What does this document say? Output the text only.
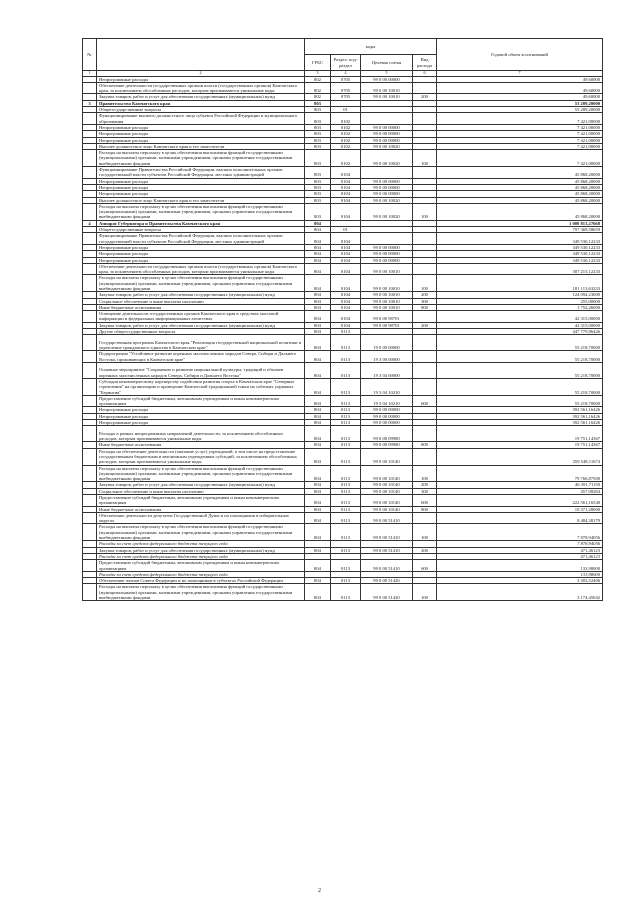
№		коды				Годовой объем ассигнований
		ГРБС	Раздел, под-раздел	Целевая статья	Вид расхода	
1	2	3	4	5	6	7
	Непрограммные расходы	802	0705	99 0 00 00000		49,60000
	Обеспечение деятельности государственных органов власти (государственных органов) Камчатского края, за исключением обособленных расходов, которым присваиваются уникальные коды	802	0705	99 0 00 10010		49,60000
	Закупка товаров, работ и услуг для обеспечения государственных (муниципальных) нужд	802	0705	99 0 00 10010	200	49,60000
3	Правительство Камчатского края	803				53 289,20000
	Общегосударственные вопросы	803	01			53 289,20000
	Функционирование высшего должностного лица субъекта Российской Федерации и муниципального образования	803	0102			7 421,00000
	Непрограммные расходы	803	0102	99 0 00 00000		7 421,00000
	Непрограммные расходы	803	0102	99 0 00 00000		7 421,00000
	Непрограммные расходы	803	0102	99 0 00 00000		7 421,00000
	Высшее должностное лицо Камчатского края и его заместители	803	0102	99 0 00 10020		7 421,00000
	Расходы на выплаты персоналу в целях обеспечения выполнения функций государственными (муниципальными) органами, казенными учреждениями, органами управления государственными внебюджетными фондами	803	0102	99 0 00 10020	100	7 421,00000
	Функционирование Правительства Российской Федерации, высших исполнительных органов государственной власти субъектов Российской Федерации, местных администраций	803	0104			45 868,20000
	Непрограммные расходы	803	0104	99 0 00 00000		45 868,20000
	Непрограммные расходы	803	0104	99 0 00 00000		45 868,20000
	Непрограммные расходы	803	0104	99 0 00 00000		45 868,20000
	Высшее должностное лицо Камчатского края и его заместители	803	0104	99 0 00 10020		45 868,20000
	Расходы на выплаты персоналу в целях обеспечения выполнения функций государственными (муниципальными) органами, казенными учреждениями, органами управления государственными внебюджетными фондами	803	0104	99 0 00 10020	100	45 868,20000
4	Аппарат Губернатора и Правительства Камчатского края	804				1 008 813,27668
	Общегосударственные вопросы	804	01			797 369,58659
	Функционирование Правительства Российской Федерации, высших исполнительных органов государственной власти субъектов Российской Федерации, местных администраций	804	0104			349 530,12233
	Непрограммные расходы	804	0104	99 0 00 00000		349 530,12233
	Непрограммные расходы	804	0104	99 0 00 00000		349 530,12233
	Непрограммные расходы	804	0104	99 0 00 00000		349 530,12233
	Обеспечение деятельности государственных органов власти (государственных органов) Камчатского края, за исключением обособленных расходов, которым присваиваются уникальные коды	804	0104	99 0 00 10010		307 215,12233
	Расходы на выплаты персоналу в целях обеспечения выполнения функций государственными (муниципальными) органами, казенными учреждениями, органами управления государственными внебюджетными фондами	804	0104	99 0 00 10010	100	181 113,63233
	Закупка товаров, работ и услуг для обеспечения государственных (муниципальных) нужд	804	0104	99 0 00 10010	200	124 094,23000
	Социальное обеспечение и иные выплаты населению	804	0104	99 0 00 10010	300	255,00000
	Иные бюджетные ассигнования	804	0104	99 0 00 10010	800	1 752,26000
	Освещение деятельности государственных органов Камчатского края в средствах массовой информации и федеральных информационных агентствах	804	0104	99 0 00 98701		42 315,00000
	Закупка товаров, работ и услуг для обеспечения государственных (муниципальных) нужд	804	0104	99 0 00 98701	200	42 315,00000
	Другие общегосударственные вопросы	804	0113			447 779,86426
	Государственная программа Камчатского края "Реализация государственной национальной политики и укрепление гражданского единства в Камчатском крае"	804	0113	19 0 00 00000		55 218,70000
	Подпрограмма "Устойчивое развитие коренных малочисленных народов Севера, Сибири и Дальнего Востока, проживающих в Камчатском крае"	804	0113	19 3 00 00000		55 218,70000
	Основное мероприятие "Сохранение и развитие национальной культуры, традиций и обычаев коренных малочисленных народов Севера, Сибири и Дальнего Востока"	804	0113	19 3 04 00000		55 218,70000
	Субсидия некоммерческому партнерству содействия развития спорта в Камчатском крае "Северные стремления" на организацию и проведение Камчатской традиционной гонки на собачьих упряжках "Берингия"	804	0113	19 3 04 10210		55 218,70000
	Предоставление субсидий бюджетным, автономным учреждениям и иным некоммерческим организациям	804	0113	19 3 04 10210	600	55 218,70000
	Непрограммные расходы	804	0113	99 0 00 00000		392 561,16426
	Непрограммные расходы	804	0113	99 0 00 00000		392 561,16426
	Непрограммные расходы	804	0113	99 0 00 00000		392 561,16426
	Расходы в рамках непрограммных направлений деятельности, за исключением обособленных расходов, которым присваиваются уникальные коды	804	0113	99 0 00 09980		19 751,14367
	Иные бюджетные ассигнования	804	0113	99 0 00 09980	800	19 751,14367
	Расходы на обеспечение деятельности (оказание услуг) учреждений, в том числе на предоставление государственным бюджетным и автономным учреждениям субсидий, за исключением обособленных расходов, которым присваиваются уникальные коды	804	0113	99 0 00 10140		359 548,11674
	Расходы на выплаты персоналу в целях обеспечения выполнения функций государственными (муниципальными) органами, казенными учреждениями, органами управления государственными внебюджетными фондами	804	0113	99 0 00 10140	100	79 766,87500
	Закупка товаров, работ и услуг для обеспечения государственных (муниципальных) нужд	804	0113	99 0 00 10140	200	46 391,71150
	Социальное обеспечение и иные выплаты населению	804	0113	99 0 00 10140	300	457,08284
	Предоставление субсидий бюджетным, автономным учреждениям и иным некоммерческим организациям	804	0113	99 0 00 10140	600	222 561,16540
	Иные бюджетные ассигнования	804	0113	99 0 00 10140	800	10 371,28000
	Обеспечение деятельности депутатов Государственной Думы и их помощников в избирательных округах	804	0113	99 0 00 51410		8 484,38179
	Расходы на выплаты персоналу в целях обеспечения выполнения функций государственными (муниципальными) органами, казенными учреждениями, органами управления государственными внебюджетными фондами	804	0113	99 0 00 51410	100	7 878,94056
	Расходы за счет средств федерального бюджета текущего года					7 878,94056
	Закупка товаров, работ и услуг для обеспечения государственных (муниципальных) нужд	804	0113	99 0 00 51410	200	471,46123
	Расходы за счет средств федерального бюджета текущего года					471,46123
	Предоставление субсидий бюджетным, автономным учреждениям и иным некоммерческим организациям	804	0113	99 0 00 51410	600	133,98000
	Расходы за счет средств федерального бюджета текущего года					133,98000
	Обеспечение членов Совета Федерации и их помощников в субъектах Российской Федерации	804	0113	99 0 00 51420		3 303,52406
	Расходы на выплаты персоналу в целях обеспечения выполнения функций государственными (муниципальными) органами, казенными учреждениями, органами управления государственными внебюджетными фондами	804	0113	99 0 00 51420	100	3 174,45042
2
